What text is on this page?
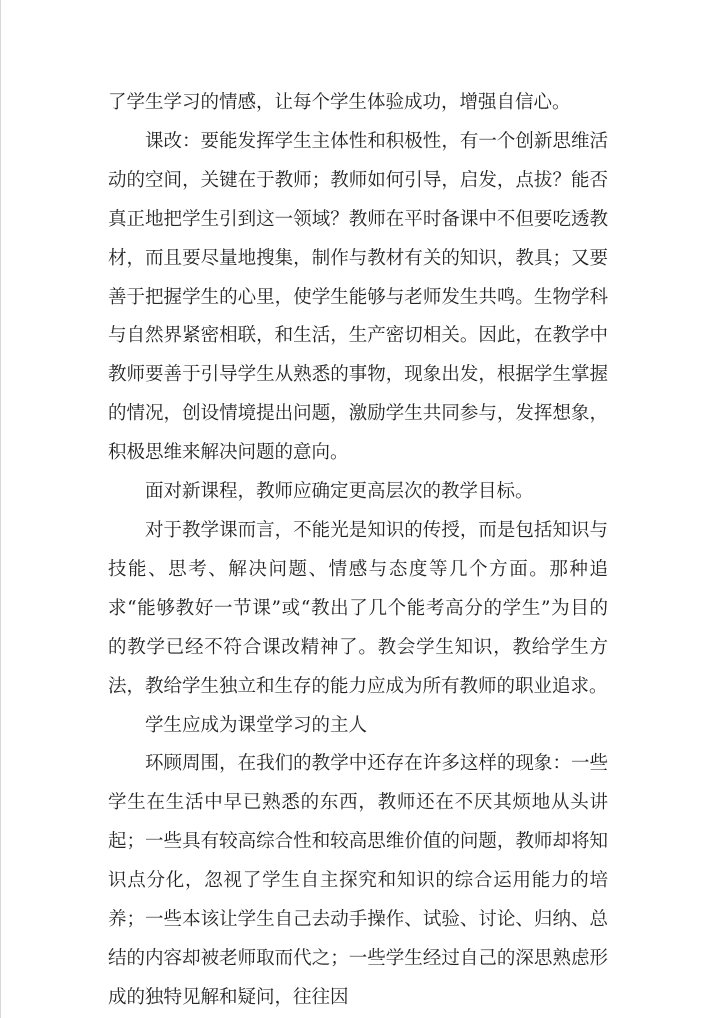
了学生学习的情感，让每个学生体验成功，增强自信心。

课改：要能发挥学生主体性和积极性，有一个创新思维活动的空间，关键在于教师；教师如何引导，启发，点拔？能否真正地把学生引到这一领域？教师在平时备课中不但要吃透教材，而且要尽量地搜集，制作与教材有关的知识，教具；又要善于把握学生的心里，使学生能够与老师发生共鸣。生物学科与自然界紧密相联，和生活，生产密切相关。因此，在教学中教师要善于引导学生从熟悉的事物，现象出发，根据学生掌握的情况，创设情境提出问题，激励学生共同参与，发挥想象，积极思维来解决问题的意向。

面对新课程，教师应确定更高层次的教学目标。

对于教学课而言，不能光是知识的传授，而是包括知识与技能、思考、解决问题、情感与态度等几个方面。那种追求“能够教好一节课”或“教出了几个能考高分的学生”为目的的教学已经不符合课改精神了。教会学生知识，教给学生方法，教给学生独立和生存的能力应成为所有教师的职业追求。

学生应成为课堂学习的主人

环顾周围，在我们的教学中还存在许多这样的现象：一些学生在生活中早已熟悉的东西，教师还在不厌其烦地从头讲起；一些具有较高综合性和较高思维价值的问题，教师却将知识点分化，忽视了学生自主探究和知识的综合运用能力的培养；一些本该让学生自己去动手操作、试验、讨论、归纳、总结的内容却被老师取而代之；一些学生经过自己的深思熟虑形成的独特见解和疑问，往往因
